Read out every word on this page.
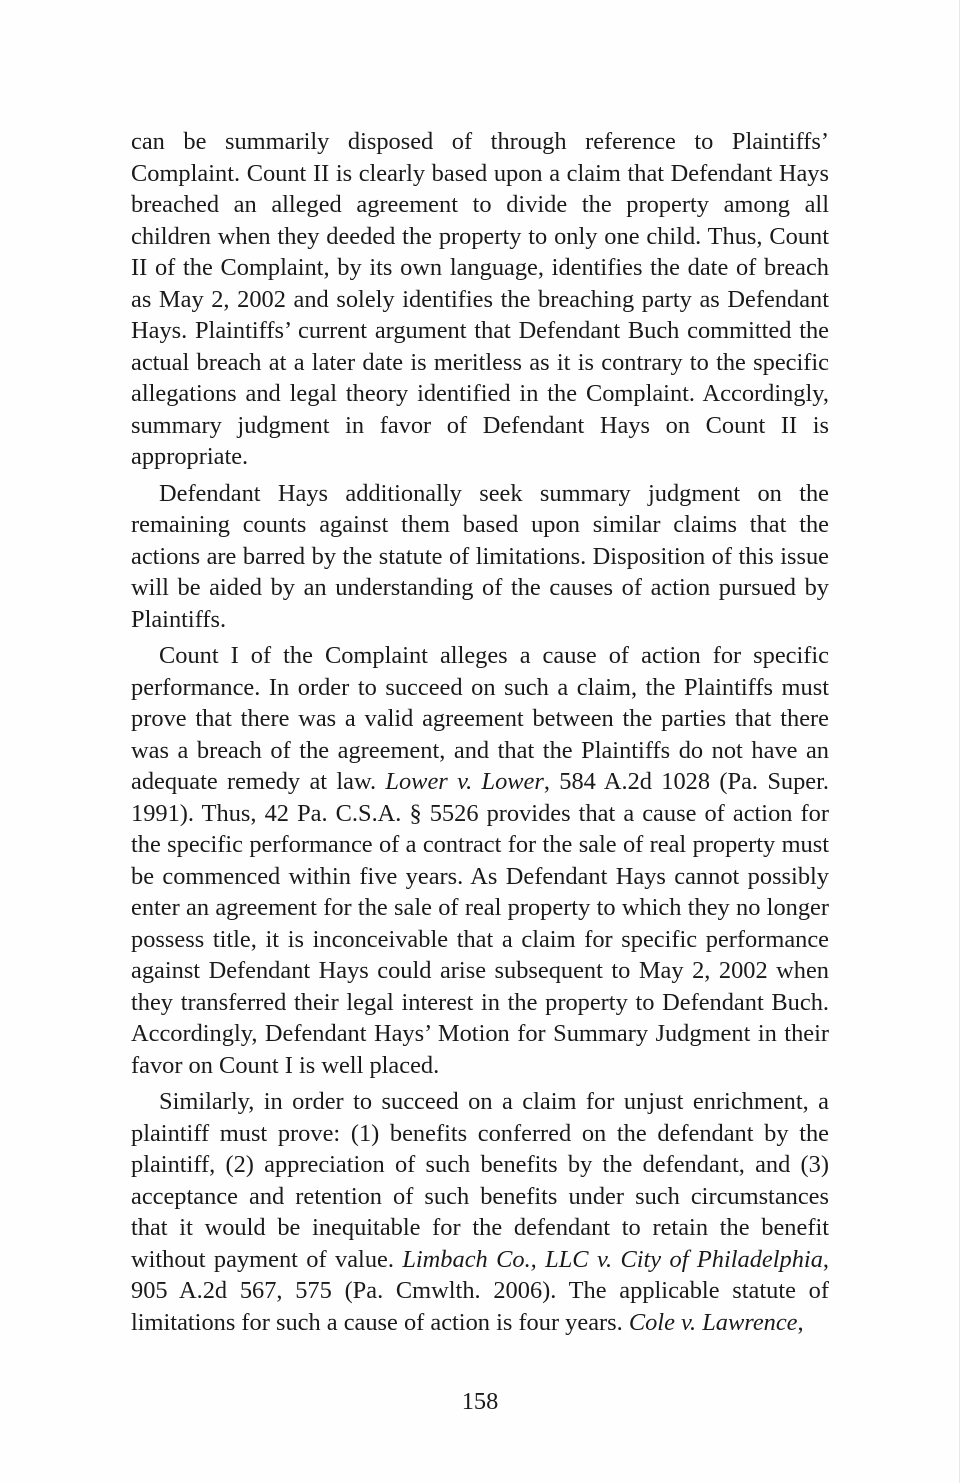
can be summarily disposed of through reference to Plaintiffs’ Complaint. Count II is clearly based upon a claim that Defendant Hays breached an alleged agreement to divide the property among all children when they deeded the property to only one child. Thus, Count II of the Complaint, by its own language, identifies the date of breach as May 2, 2002 and solely identifies the breaching party as Defendant Hays. Plaintiffs’ current argument that Defendant Buch committed the actual breach at a later date is meritless as it is contrary to the specific allegations and legal theory identified in the Complaint. Accordingly, summary judgment in favor of Defendant Hays on Count II is appropriate.

Defendant Hays additionally seek summary judgment on the remaining counts against them based upon similar claims that the actions are barred by the statute of limitations. Disposition of this issue will be aided by an understanding of the causes of action pursued by Plaintiffs.

Count I of the Complaint alleges a cause of action for specific performance. In order to succeed on such a claim, the Plaintiffs must prove that there was a valid agreement between the parties that there was a breach of the agreement, and that the Plaintiffs do not have an adequate remedy at law. Lower v. Lower, 584 A.2d 1028 (Pa. Super. 1991). Thus, 42 Pa. C.S.A. § 5526 provides that a cause of action for the specific performance of a contract for the sale of real property must be commenced within five years. As Defendant Hays cannot possibly enter an agreement for the sale of real property to which they no longer possess title, it is inconceivable that a claim for specific performance against Defendant Hays could arise subsequent to May 2, 2002 when they transferred their legal interest in the property to Defendant Buch. Accordingly, Defendant Hays’ Motion for Summary Judgment in their favor on Count I is well placed.

Similarly, in order to succeed on a claim for unjust enrichment, a plaintiff must prove: (1) benefits conferred on the defendant by the plaintiff, (2) appreciation of such benefits by the defendant, and (3) acceptance and retention of such benefits under such circumstances that it would be inequitable for the defendant to retain the benefit without payment of value. Limbach Co., LLC v. City of Philadelphia, 905 A.2d 567, 575 (Pa. Cmwlth. 2006). The applicable statute of limitations for such a cause of action is four years. Cole v. Lawrence,

158
